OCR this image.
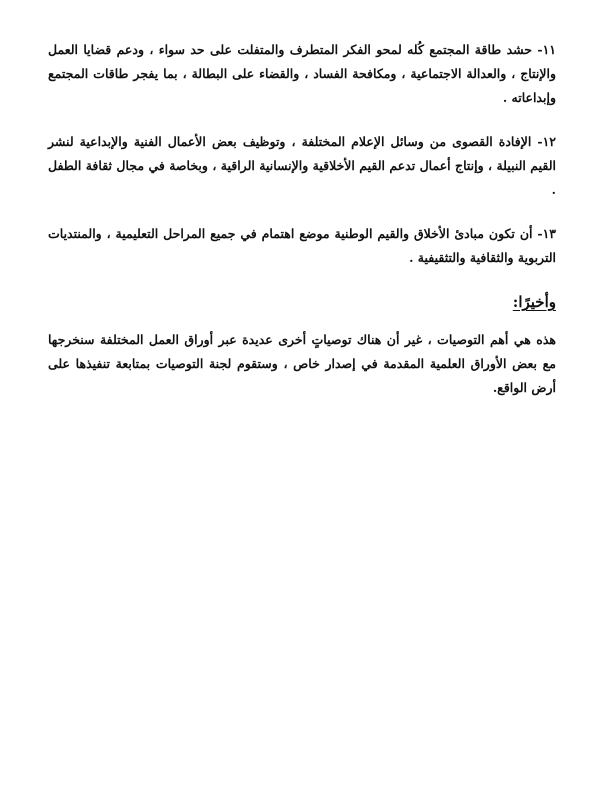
١١- حشد طاقة المجتمع كُله لمحو الفكر المتطرف والمتفلت على حد سواء ، ودعم قضايا العمل والإنتاج ، والعدالة الاجتماعية ، ومكافحة الفساد ، والقضاء على البطالة ، بما يفجر طاقات المجتمع وإبداعاته .

١٢- الإفادة القصوى من وسائل الإعلام المختلفة ، وتوظيف بعض الأعمال الفنية والإبداعية لنشر القيم النبيلة ، وإنتاج أعمال تدعم القيم الأخلاقية والإنسانية الراقية ، وبخاصة في مجال ثقافة الطفل .

١٣- أن تكون مبادئ الأخلاق والقيم الوطنية موضع اهتمام في جميع المراحل التعليمية ، والمنتديات التربوية والثقافية والتثقيفية .

وأخيرًا:

هذه هي أهم التوصيات ، غير أن هناك توصياتٍ أخرى عديدة عبر أوراق العمل المختلفة سنخرجها مع بعض الأوراق العلمية المقدمة في إصدار خاص ، وستقوم لجنة التوصيات بمتابعة تنفيذها على أرض الواقع.
